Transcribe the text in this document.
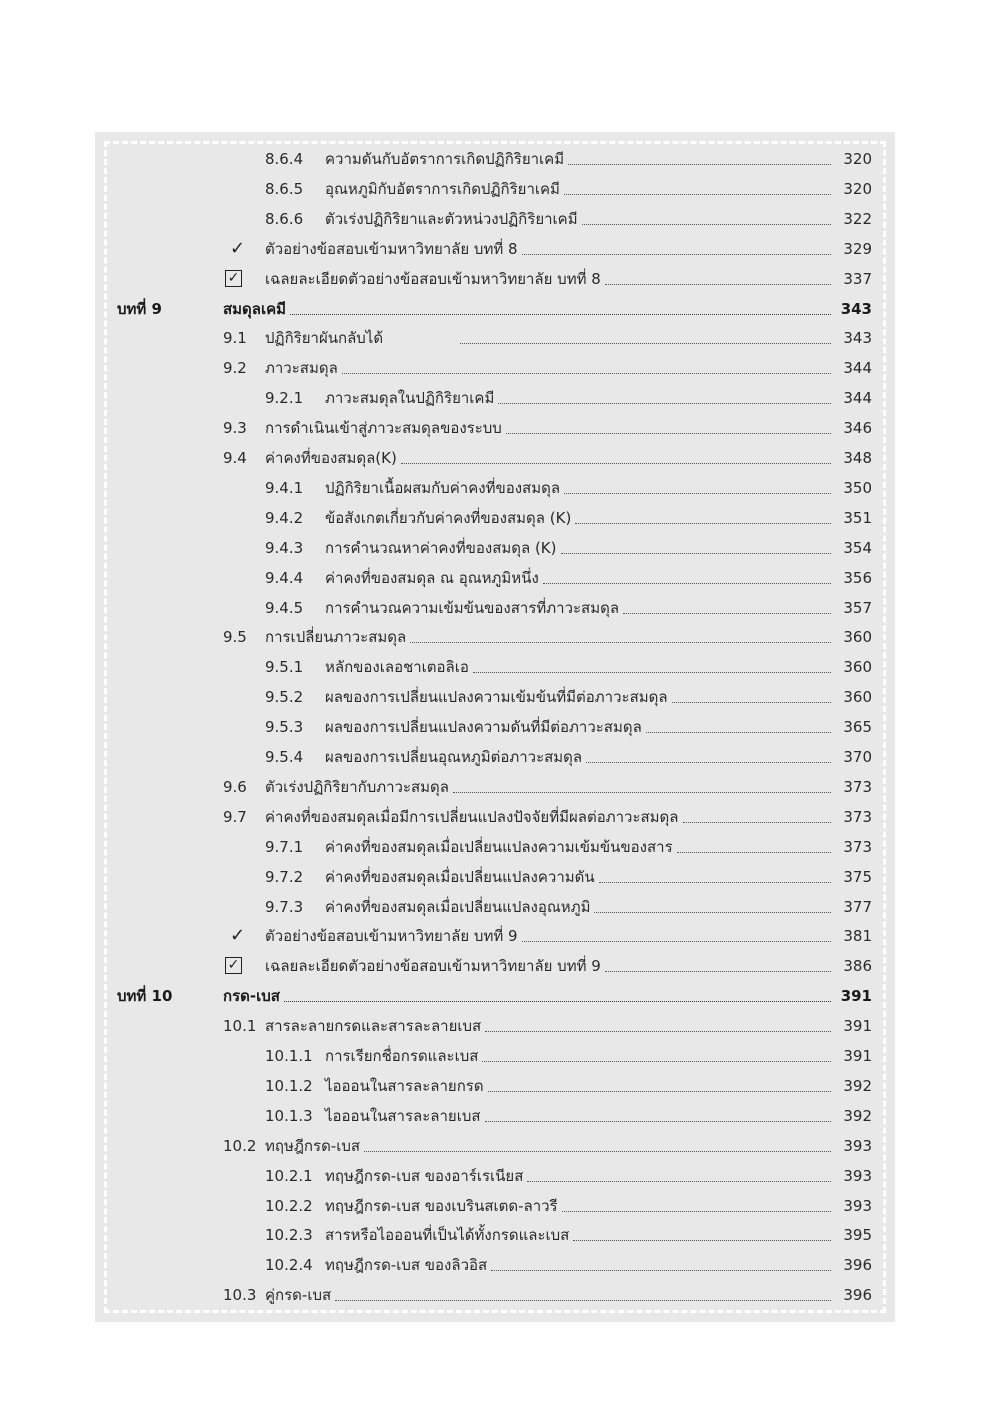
8.6.4 ความดันกับอัตราการเกิดปฏิกิริยาเคมี	320
8.6.5 อุณหภูมิกับอัตราการเกิดปฏิกิริยาเคมี	320
8.6.6 ตัวเร่งปฏิกิริยาและตัวหน่วงปฏิกิริยาเคมี	322
✓ ตัวอย่างข้อสอบเข้ามหาวิทยาลัย บทที่ 8	329
✓ เฉลยละเอียดตัวอย่างข้อสอบเข้ามหาวิทยาลัย บทที่ 8	337
บทที่ 9	สมดุลเคมี	343
9.1 ปฏิกิริยาผันกลับได้	343
9.2 ภาวะสมดุล	344
9.2.1 ภาวะสมดุลในปฏิกิริยาเคมี	344
9.3 การดำเนินเข้าสู่ภาวะสมดุลของระบบ	346
9.4 ค่าคงที่ของสมดุล(K)	348
9.4.1 ปฏิกิริยาเนื้อผสมกับค่าคงที่ของสมดุล	350
9.4.2 ข้อสังเกตเกี่ยวกับค่าคงที่ของสมดุล (K)	351
9.4.3 การคำนวณหาค่าคงที่ของสมดุล (K)	354
9.4.4 ค่าคงที่ของสมดุล ณ อุณหภูมิหนึ่ง	356
9.4.5 การคำนวณความเข้มข้นของสารที่ภาวะสมดุล	357
9.5 การเปลี่ยนภาวะสมดุล	360
9.5.1 หลักของเลอชาเตอลิเอ	360
9.5.2 ผลของการเปลี่ยนแปลงความเข้มข้นที่มีต่อภาวะสมดุล	360
9.5.3 ผลของการเปลี่ยนแปลงความดันที่มีต่อภาวะสมดุล	365
9.5.4 ผลของการเปลี่ยนอุณหภูมิต่อภาวะสมดุล	370
9.6 ตัวเร่งปฏิกิริยากับภาวะสมดุล	373
9.7 ค่าคงที่ของสมดุลเมื่อมีการเปลี่ยนแปลงปัจจัยที่มีผลต่อภาวะสมดุล	373
9.7.1 ค่าคงที่ของสมดุลเมื่อเปลี่ยนแปลงความเข้มข้นของสาร	373
9.7.2 ค่าคงที่ของสมดุลเมื่อเปลี่ยนแปลงความดัน	375
9.7.3 ค่าคงที่ของสมดุลเมื่อเปลี่ยนแปลงอุณหภูมิ	377
✓ ตัวอย่างข้อสอบเข้ามหาวิทยาลัย บทที่ 9	381
✓ เฉลยละเอียดตัวอย่างข้อสอบเข้ามหาวิทยาลัย บทที่ 9	386
บทที่ 10	กรด-เบส	391
10.1 สารละลายกรดและสารละลายเบส	391
10.1.1 การเรียกชื่อกรดและเบส	391
10.1.2 ไอออนในสารละลายกรด	392
10.1.3 ไอออนในสารละลายเบส	392
10.2 ทฤษฎีกรด-เบส	393
10.2.1 ทฤษฎีกรด-เบส ของอาร์เรเนียส	393
10.2.2 ทฤษฎีกรด-เบส ของเบรินสเตด-ลาวรี	393
10.2.3 สารหรือไอออนที่เป็นได้ทั้งกรดและเบส	395
10.2.4 ทฤษฎีกรด-เบส ของลิวอิส	396
10.3 คู่กรด-เบส	396
